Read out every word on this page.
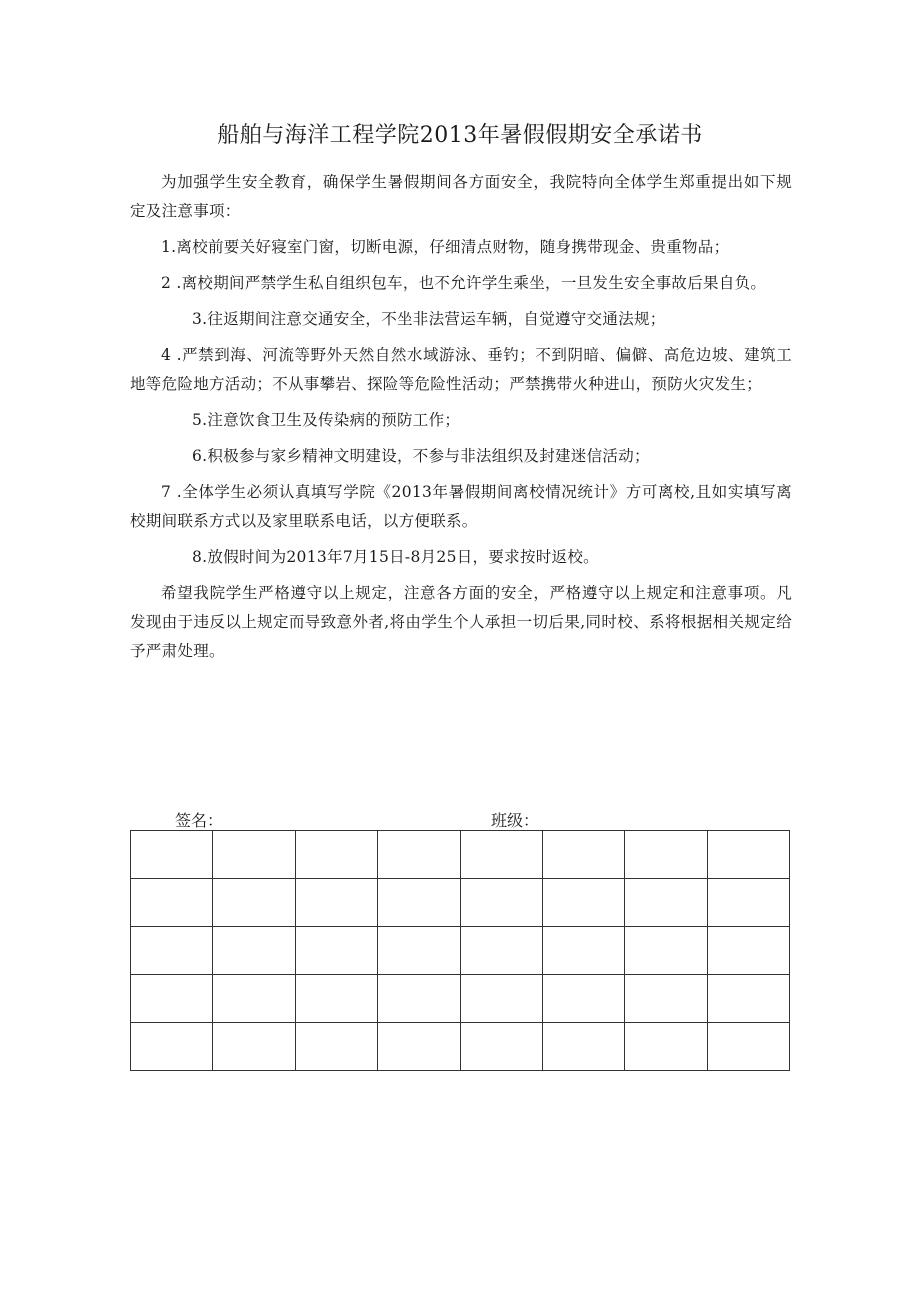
船舶与海洋工程学院2013年暑假假期安全承诺书

为加强学生安全教育，确保学生暑假期间各方面安全，我院特向全体学生郑重提出如下规定及注意事项：

1.离校前要关好寝室门窗，切断电源，仔细清点财物，随身携带现金、贵重物品；

2 .离校期间严禁学生私自组织包车，也不允许学生乘坐，一旦发生安全事故后果自负。

3.往返期间注意交通安全，不坐非法营运车辆，自觉遵守交通法规；

4 .严禁到海、河流等野外天然自然水域游泳、垂钓；不到阴暗、偏僻、高危边坡、建筑工地等危险地方活动；不从事攀岩、探险等危险性活动；严禁携带火种进山，预防火灾发生；

5.注意饮食卫生及传染病的预防工作；

6.积极参与家乡精神文明建设，不参与非法组织及封建迷信活动；

7 .全体学生必须认真填写学院《2013年暑假期间离校情况统计》方可离校,且如实填写离校期间联系方式以及家里联系电话，以方便联系。

8.放假时间为2013年7月15日-8月25日，要求按时返校。

希望我院学生严格遵守以上规定，注意各方面的安全，严格遵守以上规定和注意事项。凡发现由于违反以上规定而导致意外者,将由学生个人承担一切后果,同时校、系将根据相关规定给予严肃处理。

签名：	班级：
